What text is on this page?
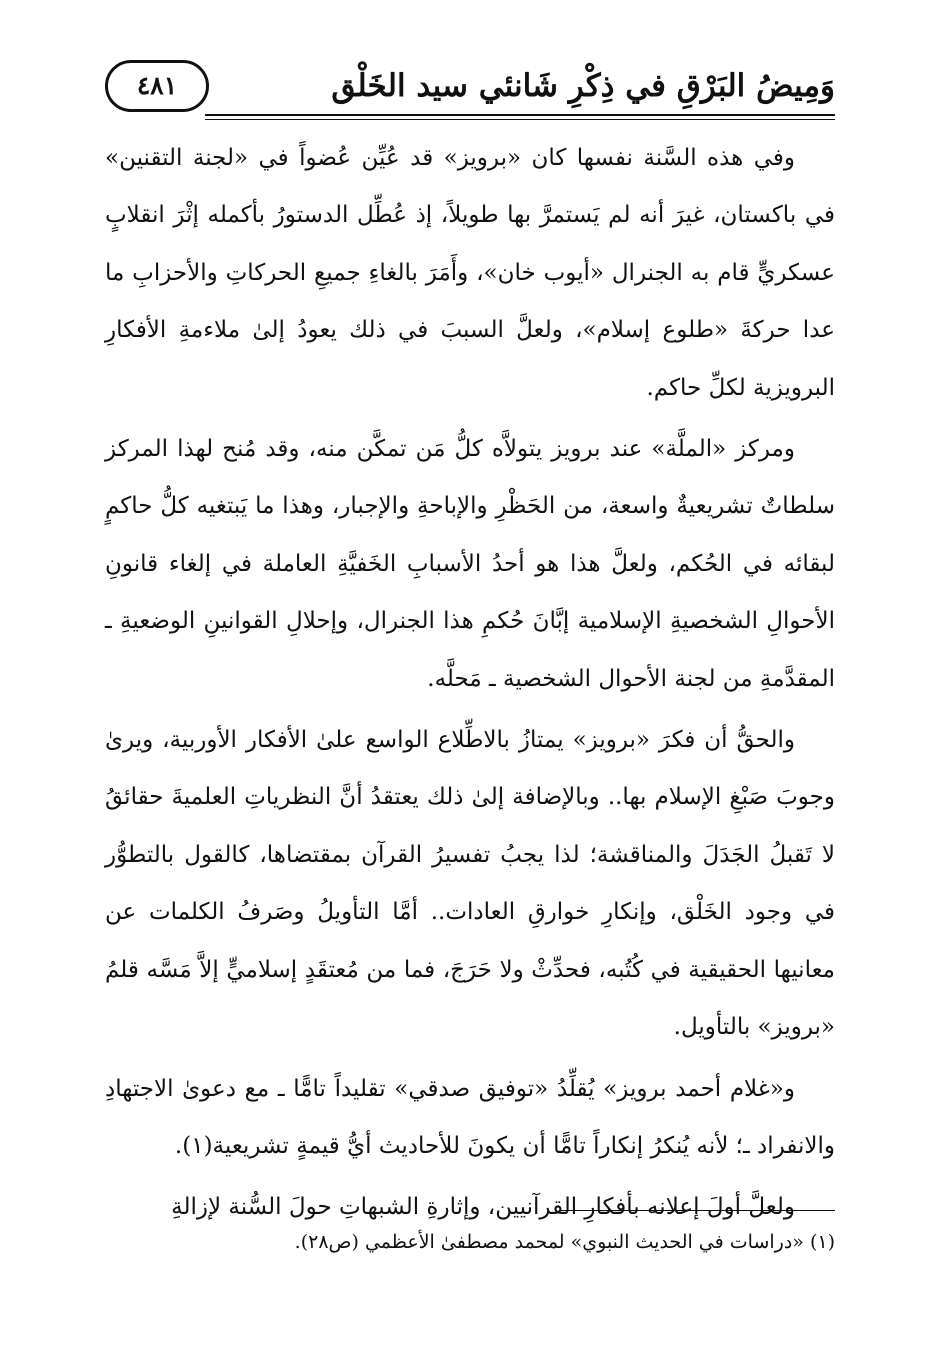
وَمِيضُ البَرْقِ في ذِكْرِ شَانئي سيد الخَلْق
٤٨١

وفي هذه السَّنة نفسها كان «برويز» قد عُيِّن عُضواً في «لجنة التقنين» في باكستان، غيرَ أنه لم يَستمرَّ بها طويلاً، إذ عُطِّل الدستورُ بأكمله إثْرَ انقلابٍ عسكريٍّ قام به الجنرال «أيوب خان»، وأَمَرَ بالغاءِ جميعِ الحركاتِ والأحزابِ ما عدا حركةَ «طلوع إسلام»، ولعلَّ السببَ في ذلك يعودُ إلىٰ ملاءمةِ الأفكارِ البرويزية لكلِّ حاكم.

ومركز «الملَّة» عند برويز يتولاَّه كلُّ مَن تمكَّن منه، وقد مُنح لهذا المركز سلطاتٌ تشريعيةٌ واسعة، من الحَظْرِ والإباحةِ والإجبار، وهذا ما يَبتغيه كلُّ حاكمٍ لبقائه في الحُكم، ولعلَّ هذا هو أحدُ الأسبابِ الخَفيَّةِ العاملة في إلغاء قانونِ الأحوالِ الشخصيةِ الإسلامية إبَّانَ حُكمِ هذا الجنرال، وإحلالِ القوانينِ الوضعيةِ ـ المقدَّمةِ من لجنة الأحوال الشخصية ـ مَحلَّه.

والحقُّ أن فكرَ «برويز» يمتازُ بالاطِّلاع الواسع علىٰ الأفكار الأوربية، ويرىٰ وجوبَ صَبْغِ الإسلام بها.. وبالإضافة إلىٰ ذلك يعتقدُ أنَّ النظرياتِ العلميةَ حقائقُ لا تَقبلُ الجَدَلَ والمناقشة؛ لذا يجبُ تفسيرُ القرآن بمقتضاها، كالقول بالتطوُّر في وجود الخَلْق، وإنكارِ خوارقِ العادات.. أمَّا التأويلُ وصَرفُ الكلمات عن معانيها الحقيقية في كُتُبه، فحدِّثْ ولا حَرَجَ، فما من مُعتقَدٍ إسلاميٍّ إلاَّ مَسَّه قلمُ «برويز» بالتأويل.

و«غلام أحمد برويز» يُقلِّدُ «توفيق صدقي» تقليداً تامًّا ـ مع دعوىٰ الاجتهادِ والانفراد ـ؛ لأنه يُنكرُ إنكاراً تامًّا أن يكونَ للأحاديث أيُّ قيمةٍ تشريعية(١).

ولعلَّ أولَ إعلانه بأفكارِ القرآنيين، وإثارةِ الشبهاتِ حولَ السُّنة لإزالةِ

(١) «دراسات في الحديث النبوي» لمحمد مصطفىٰ الأعظمي (ص٢٨).
